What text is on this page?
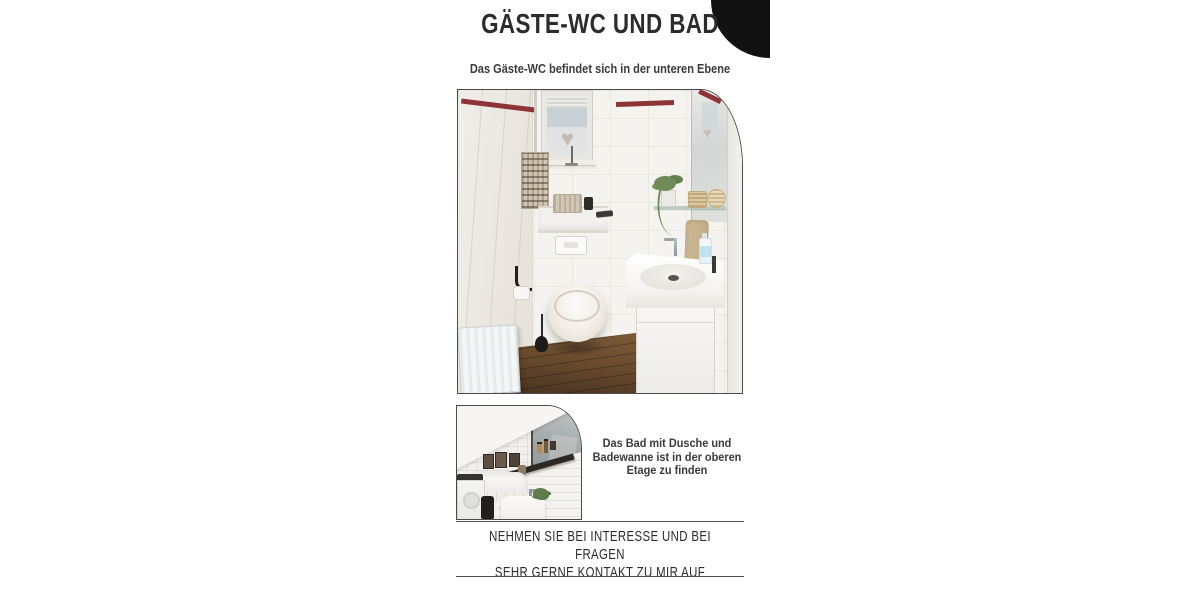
GÄSTE-WC UND BAD
Das Gäste-WC befindet sich in der unteren Ebene
♥
♥
Das Bad mit Dusche und
Badewanne ist in der oberen
Etage zu finden
NEHMEN SIE BEI INTERESSE UND BEI FRAGEN
SEHR GERNE KONTAKT ZU MIR AUF
